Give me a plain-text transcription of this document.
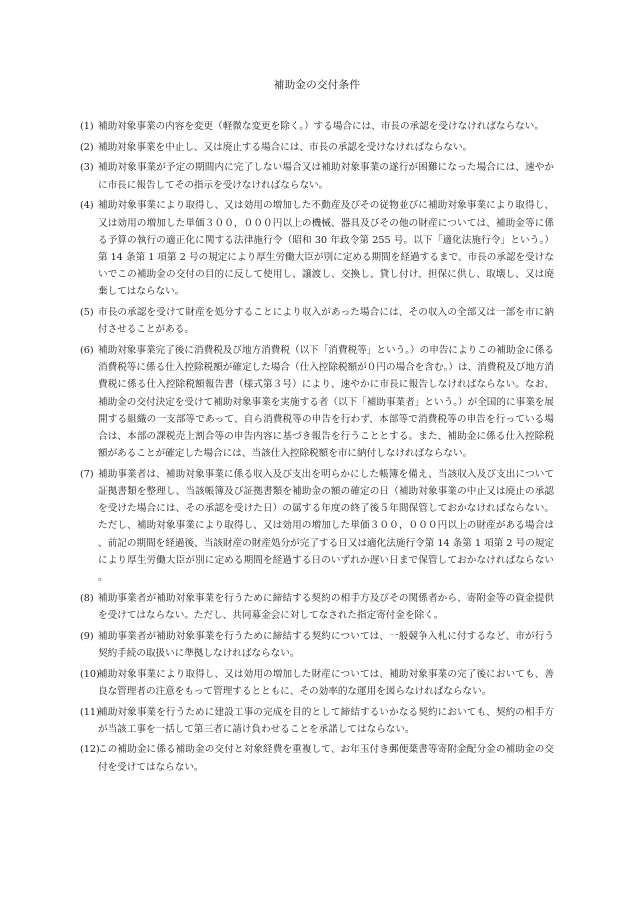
補助金の交付条件
(1) 補助対象事業の内容を変更（軽微な変更を除く。）する場合には、市長の承認を受けなければならない。
(2) 補助対象事業を中止し、又は廃止する場合には、市長の承認を受けなければならない。
(3) 補助対象事業が予定の期間内に完了しない場合又は補助対象事業の遂行が困難になった場合には、速やかに市長に報告してその指示を受けなければならない。
(4) 補助対象事業により取得し、又は効用の増加した不動産及びその従物並びに補助対象事業により取得し、又は効用の増加した単価３００，０００円以上の機械、器具及びその他の財産については、補助金等に係る予算の執行の適正化に関する法律施行令（昭和 30 年政令第 255 号。以下「適化法施行令」という。）第 14 条第 1 項第 2 号の規定により厚生労働大臣が別に定める期間を経過するまで、市長の承認を受けないでこの補助金の交付の目的に反して使用し、譲渡し、交換し、貸し付け、担保に供し、取壊し、又は廃棄してはならない。
(5) 市長の承認を受けて財産を処分することにより収入があった場合には、その収入の全部又は一部を市に納付させることがある。
(6) 補助対象事業完了後に消費税及び地方消費税（以下「消費税等」という。）の申告によりこの補助金に係る消費税等に係る仕入控除税額が確定した場合（仕入控除税額が０円の場合を含む。）は、消費税及び地方消費税に係る仕入控除税額報告書（様式第３号）により、速やかに市長に報告しなければならない。なお、補助金の交付決定を受けて補助対象事業を実施する者（以下「補助事業者」という。）が全国的に事業を展開する組織の一支部等であって、自ら消費税等の申告を行わず、本部等で消費税等の申告を行っている場合は、本部の課税売上割合等の申告内容に基づき報告を行うこととする。また、補助金に係る仕入控除税額があることが確定した場合には、当該仕入控除税額を市に納付しなければならない。
(7) 補助事業者は、補助対象事業に係る収入及び支出を明らかにした帳簿を備え、当該収入及び支出について証拠書類を整理し、当該帳簿及び証拠書類を補助金の額の確定の日（補助対象事業の中止又は廃止の承認を受けた場合には、その承認を受けた日）の属する年度の終了後５年間保管しておかなければならない。ただし、補助対象事業により取得し、又は効用の増加した単価３００，０００円以上の財産がある場合は、前記の期間を経過後、当該財産の財産処分が完了する日又は適化法施行令第 14 条第 1 項第 2 号の規定により厚生労働大臣が別に定める期間を経過する日のいずれか遅い日まで保管しておかなければならない。
(8) 補助事業者が補助対象事業を行うために締結する契約の相手方及びその関係者から、寄附金等の資金提供を受けてはならない。ただし、共同募金会に対してなされた指定寄付金を除く。
(9) 補助事業者が補助対象事業を行うために締結する契約については、一般競争入札に付するなど、市が行う契約手続の取扱いに準拠しなければならない。
(10)
補助対象事業により取得し、又は効用の増加した財産については、補助対象事業の完了後においても、善良な管理者の注意をもって管理するとともに、その効率的な運用を図らなければならない。
(11)
補助対象事業を行うために建設工事の完成を目的として締結するいかなる契約においても、契約の相手方が当該工事を一括して第三者に請け負わせることを承諾してはならない。
(12)
この補助金に係る補助金の交付と対象経費を重複して、お年玉付き郵便葉書等寄附金配分金の補助金の交付を受けてはならない。
